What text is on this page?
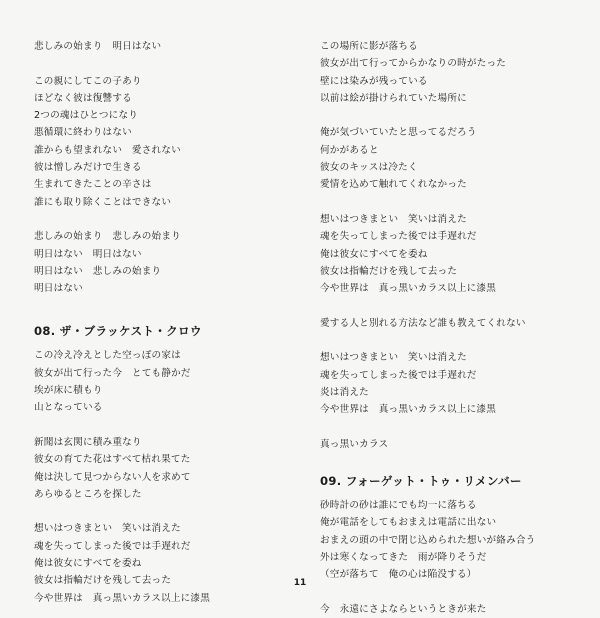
悲しみの始まり　明日はない
この親にしてこの子あり
ほどなく彼は復讐する
2つの魂はひとつになり
悪循環に終わりはない
誰からも望まれない　愛されない
彼は憎しみだけで生きる
生まれてきたことの辛さは
誰にも取り除くことはできない
悲しみの始まり　悲しみの始まり
明日はない　明日はない
明日はない　悲しみの始まり
明日はない
08. ザ・ブラッケスト・クロウ
この冷え冷えとした空っぽの家は
彼女が出て行った今　とても静かだ
埃が床に積もり
山となっている
新聞は玄関に積み重なり
彼女の育てた花はすべて枯れ果てた
俺は決して見つからない人を求めて
あらゆるところを探した
想いはつきまとい　笑いは消えた
魂を失ってしまった後では手遅れだ
俺は彼女にすべてを委ね
彼女は指輪だけを残して去った
今や世界は　真っ黒いカラス以上に漆黒
この場所に影が落ちる
彼女が出て行ってからかなりの時がたった
壁には染みが残っている
以前は絵が掛けられていた場所に
俺が気づいていたと思ってるだろう
何かがあると
彼女のキッスは冷たく
愛情を込めて触れてくれなかった
想いはつきまとい　笑いは消えた
魂を失ってしまった後では手遅れだ
俺は彼女にすべてを委ね
彼女は指輪だけを残して去った
今や世界は　真っ黒いカラス以上に漆黒
愛する人と別れる方法など誰も教えてくれない
想いはつきまとい　笑いは消えた
魂を失ってしまった後では手遅れだ
炎は消えた
今や世界は　真っ黒いカラス以上に漆黒
真っ黒いカラス
09. フォーゲット・トゥ・リメンバー
砂時計の砂は誰にでも均一に落ちる
俺が電話をしてもおまえは電話に出ない
おまえの頭の中で閉じ込められた想いが絡み合う
外は寒くなってきた　雨が降りそうだ
（空が落ちて　俺の心は陥没する）
今　永遠にさよならというときが来た
11
